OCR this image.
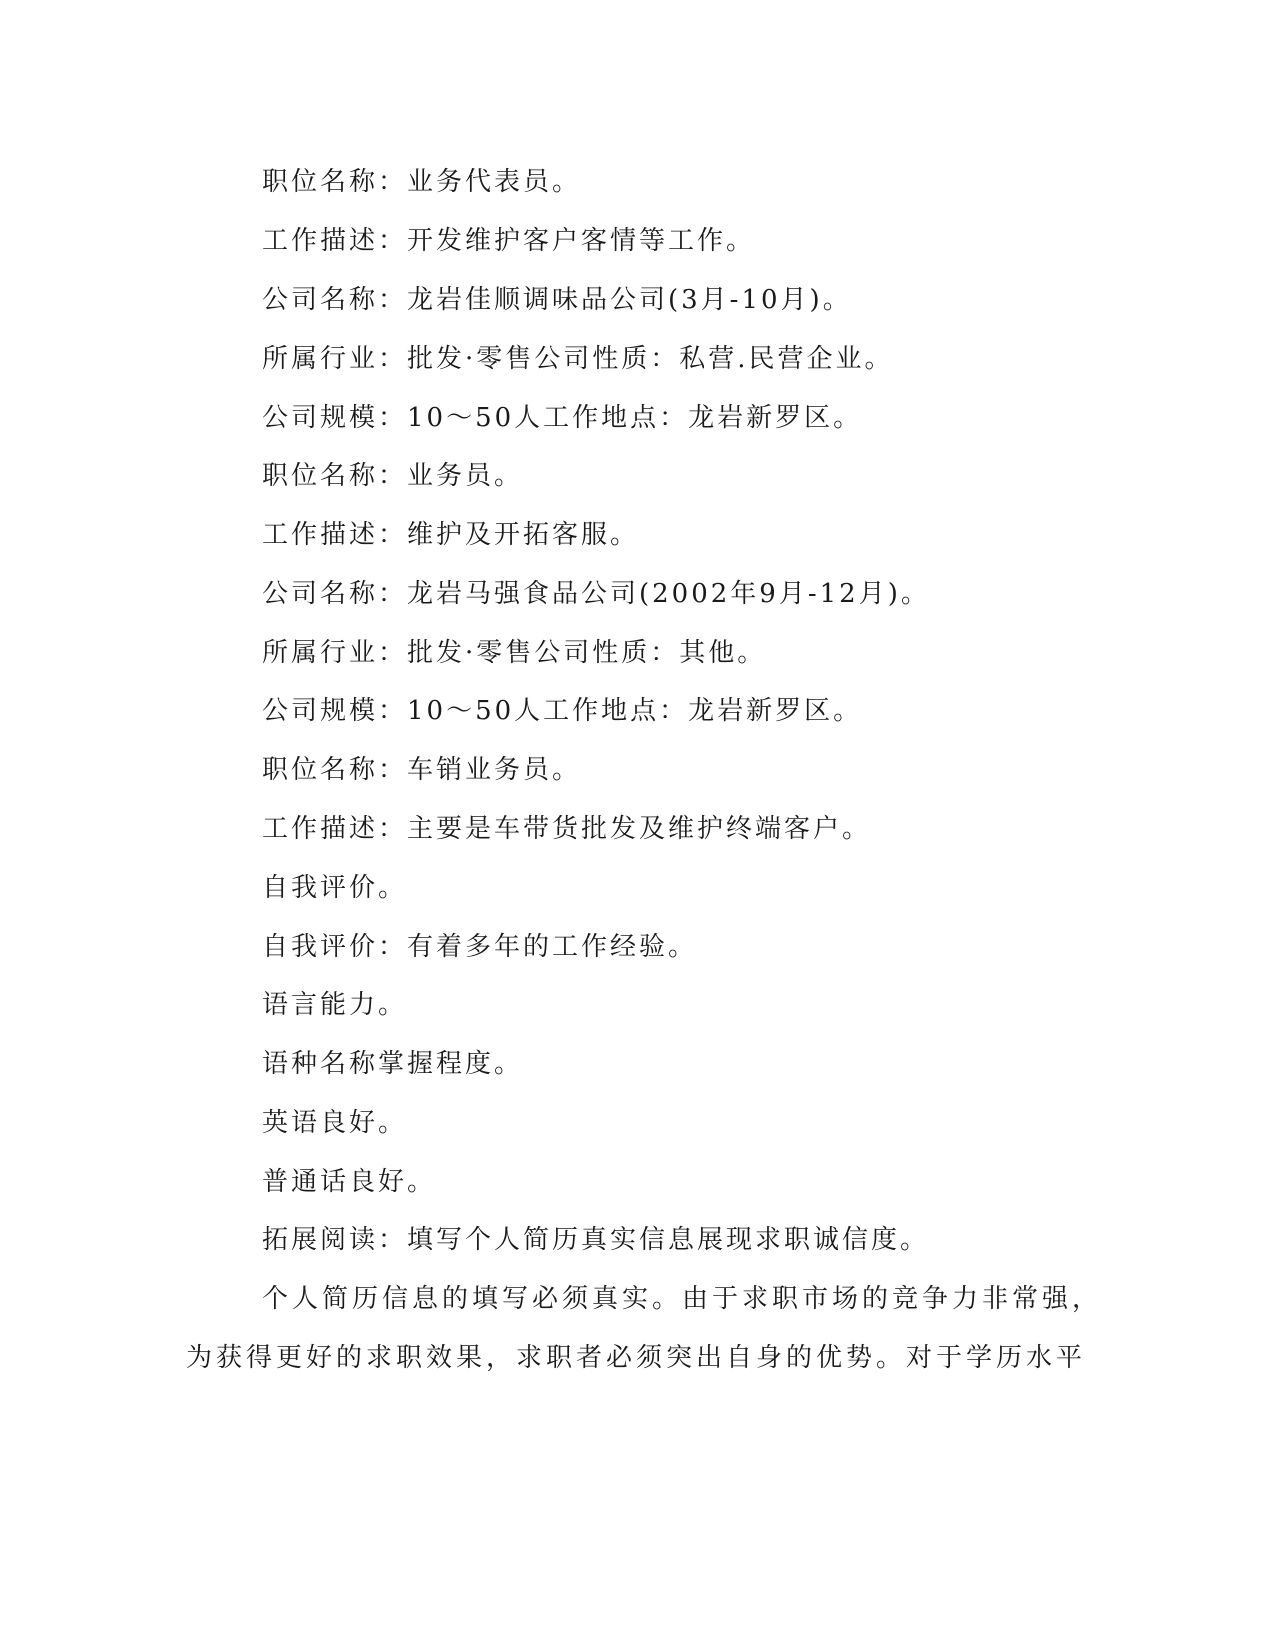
职位名称：业务代表员。
工作描述：开发维护客户客情等工作。
公司名称：龙岩佳顺调味品公司(3月-10月)。
所属行业：批发·零售公司性质：私营.民营企业。
公司规模：10～50人工作地点：龙岩新罗区。
职位名称：业务员。
工作描述：维护及开拓客服。
公司名称：龙岩马强食品公司(2002年9月-12月)。
所属行业：批发·零售公司性质：其他。
公司规模：10～50人工作地点：龙岩新罗区。
职位名称：车销业务员。
工作描述：主要是车带货批发及维护终端客户。
自我评价。
自我评价：有着多年的工作经验。
语言能力。
语种名称掌握程度。
英语良好。
普通话良好。
拓展阅读：填写个人简历真实信息展现求职诚信度。
个人简历信息的填写必须真实。由于求职市场的竞争力非常强，
为获得更好的求职效果，求职者必须突出自身的优势。对于学历水平
